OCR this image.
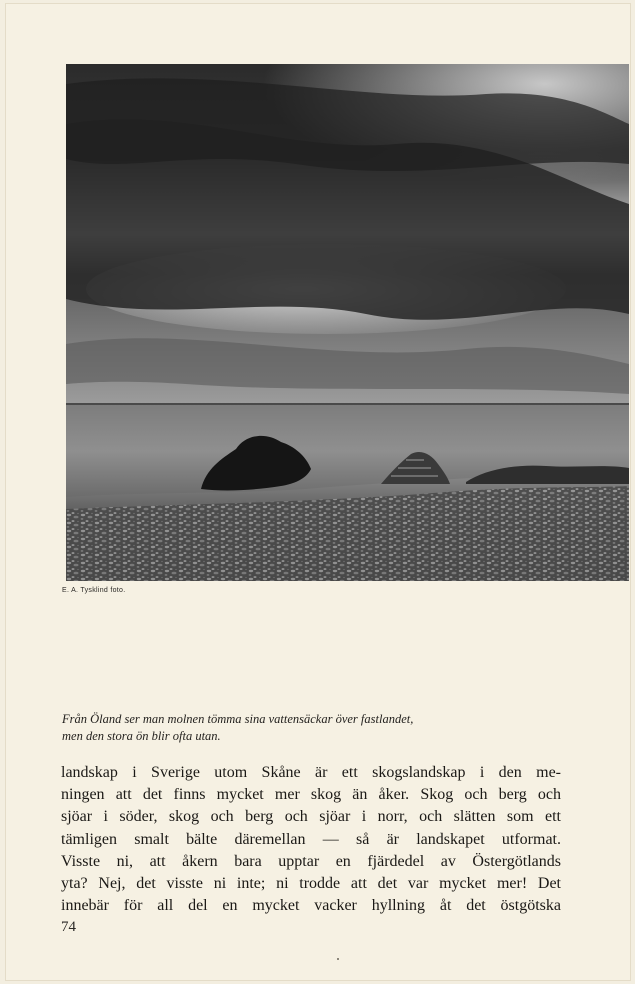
E. A. Tysklind foto.
Från Öland ser man molnen tömma sina vattensäckar över fastlandet,
men den stora ön blir ofta utan.
landskap i Sverige utom Skåne är ett skogslandskap i den me-
ningen att det finns mycket mer skog än åker. Skog och berg och
sjöar i söder, skog och berg och sjöar i norr, och slätten som ett
tämligen smalt bälte däremellan — så är landskapet utformat.
Visste ni, att åkern bara upptar en fjärdedel av Östergötlands
yta? Nej, det visste ni inte; ni trodde att det var mycket mer! Det
innebär för all del en mycket vacker hyllning åt det östgötska
74
